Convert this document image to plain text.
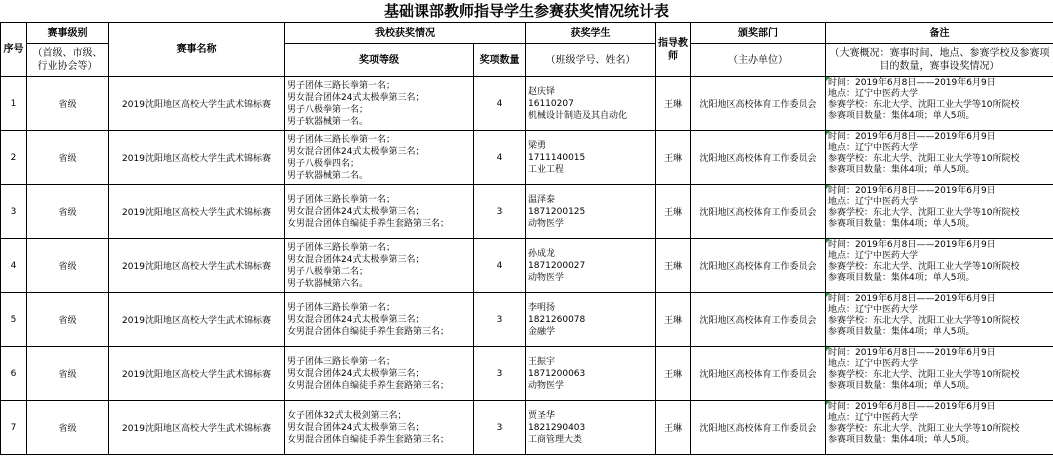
基础课部教师指导学生参赛获奖情况统计表
序号	赛事级别	赛事名称	我校获奖情况		获奖学生	指导教师	颁奖部门	备注
	（首级、市级、行业协会等）		奖项等级	奖项数量	（班级学号、姓名）		（主办单位）	（大赛概况：赛事时间、地点、参赛学校及参赛项目的数量，赛事设奖情况）

1	省级	2019沈阳地区高校大学生武术锦标赛	男子团体三路长拳第一名；
男女混合团体24式太极拳第三名；
男子八极拳第一名；
男子软器械第一名。	4	赵庆铎
16110207
机械设计制造及其自动化	王琳	沈阳地区高校体育工作委员会	时间：2019年6月8日——2019年6月9日
地点：辽宁中医药大学
参赛学校：东北大学、沈阳工业大学等10所院校
参赛项目数量：集体4项；单人5项。

2	省级	2019沈阳地区高校大学生武术锦标赛	男子团体三路长拳第一名；
男女混合团体24式太极拳第三名；
男子八极拳四名；
男子软器械第二名。	4	梁勇
1711140015
工业工程	王琳	沈阳地区高校体育工作委员会	时间：2019年6月8日——2019年6月9日
地点：辽宁中医药大学
参赛学校：东北大学、沈阳工业大学等10所院校
参赛项目数量：集体4项；单人5项。

3	省级	2019沈阳地区高校大学生武术锦标赛	男子团体三路长拳第一名；
男女混合团体24式太极拳第三名；
女男混合团体自编徒手养生套路第三名；	3	温泽泰
1871200125
动物医学	王琳	沈阳地区高校体育工作委员会	时间：2019年6月8日——2019年6月9日
地点：辽宁中医药大学
参赛学校：东北大学、沈阳工业大学等10所院校
参赛项目数量：集体4项；单人5项。

4	省级	2019沈阳地区高校大学生武术锦标赛	男子团体三路长拳第一名；
男女混合团体24式太极拳第三名；
男子八极拳第二名；
男子软器械第六名。	4	孙成龙
1871200027
动物医学	王琳	沈阳地区高校体育工作委员会	时间：2019年6月8日——2019年6月9日
地点：辽宁中医药大学
参赛学校：东北大学、沈阳工业大学等10所院校
参赛项目数量：集体4项；单人5项。

5	省级	2019沈阳地区高校大学生武术锦标赛	男子团体三路长拳第一名；
男女混合团体24式太极拳第三名；
女男混合团体自编徒手养生套路第三名；	3	李明扬
1821260078
金融学	王琳	沈阳地区高校体育工作委员会	时间：2019年6月8日——2019年6月9日
地点：辽宁中医药大学
参赛学校：东北大学、沈阳工业大学等10所院校
参赛项目数量：集体4项；单人5项。

6	省级	2019沈阳地区高校大学生武术锦标赛	男子团体三路长拳第一名；
男女混合团体24式太极拳第三名；
女男混合团体自编徒手养生套路第三名；	3	王振宇
1871200063
动物医学	王琳	沈阳地区高校体育工作委员会	时间：2019年6月8日——2019年6月9日
地点：辽宁中医药大学
参赛学校：东北大学、沈阳工业大学等10所院校
参赛项目数量：集体4项；单人5项。

7	省级	2019沈阳地区高校大学生武术锦标赛	女子团体32式太极剑第三名；
男女混合团体24式太极拳第三名；
女男混合团体自编徒手养生套路第三名；	3	贾圣华
1821290403
工商管理大类	王琳	沈阳地区高校体育工作委员会	时间：2019年6月8日——2019年6月9日
地点：辽宁中医药大学
参赛学校：东北大学、沈阳工业大学等10所院校
参赛项目数量：集体4项；单人5项。
